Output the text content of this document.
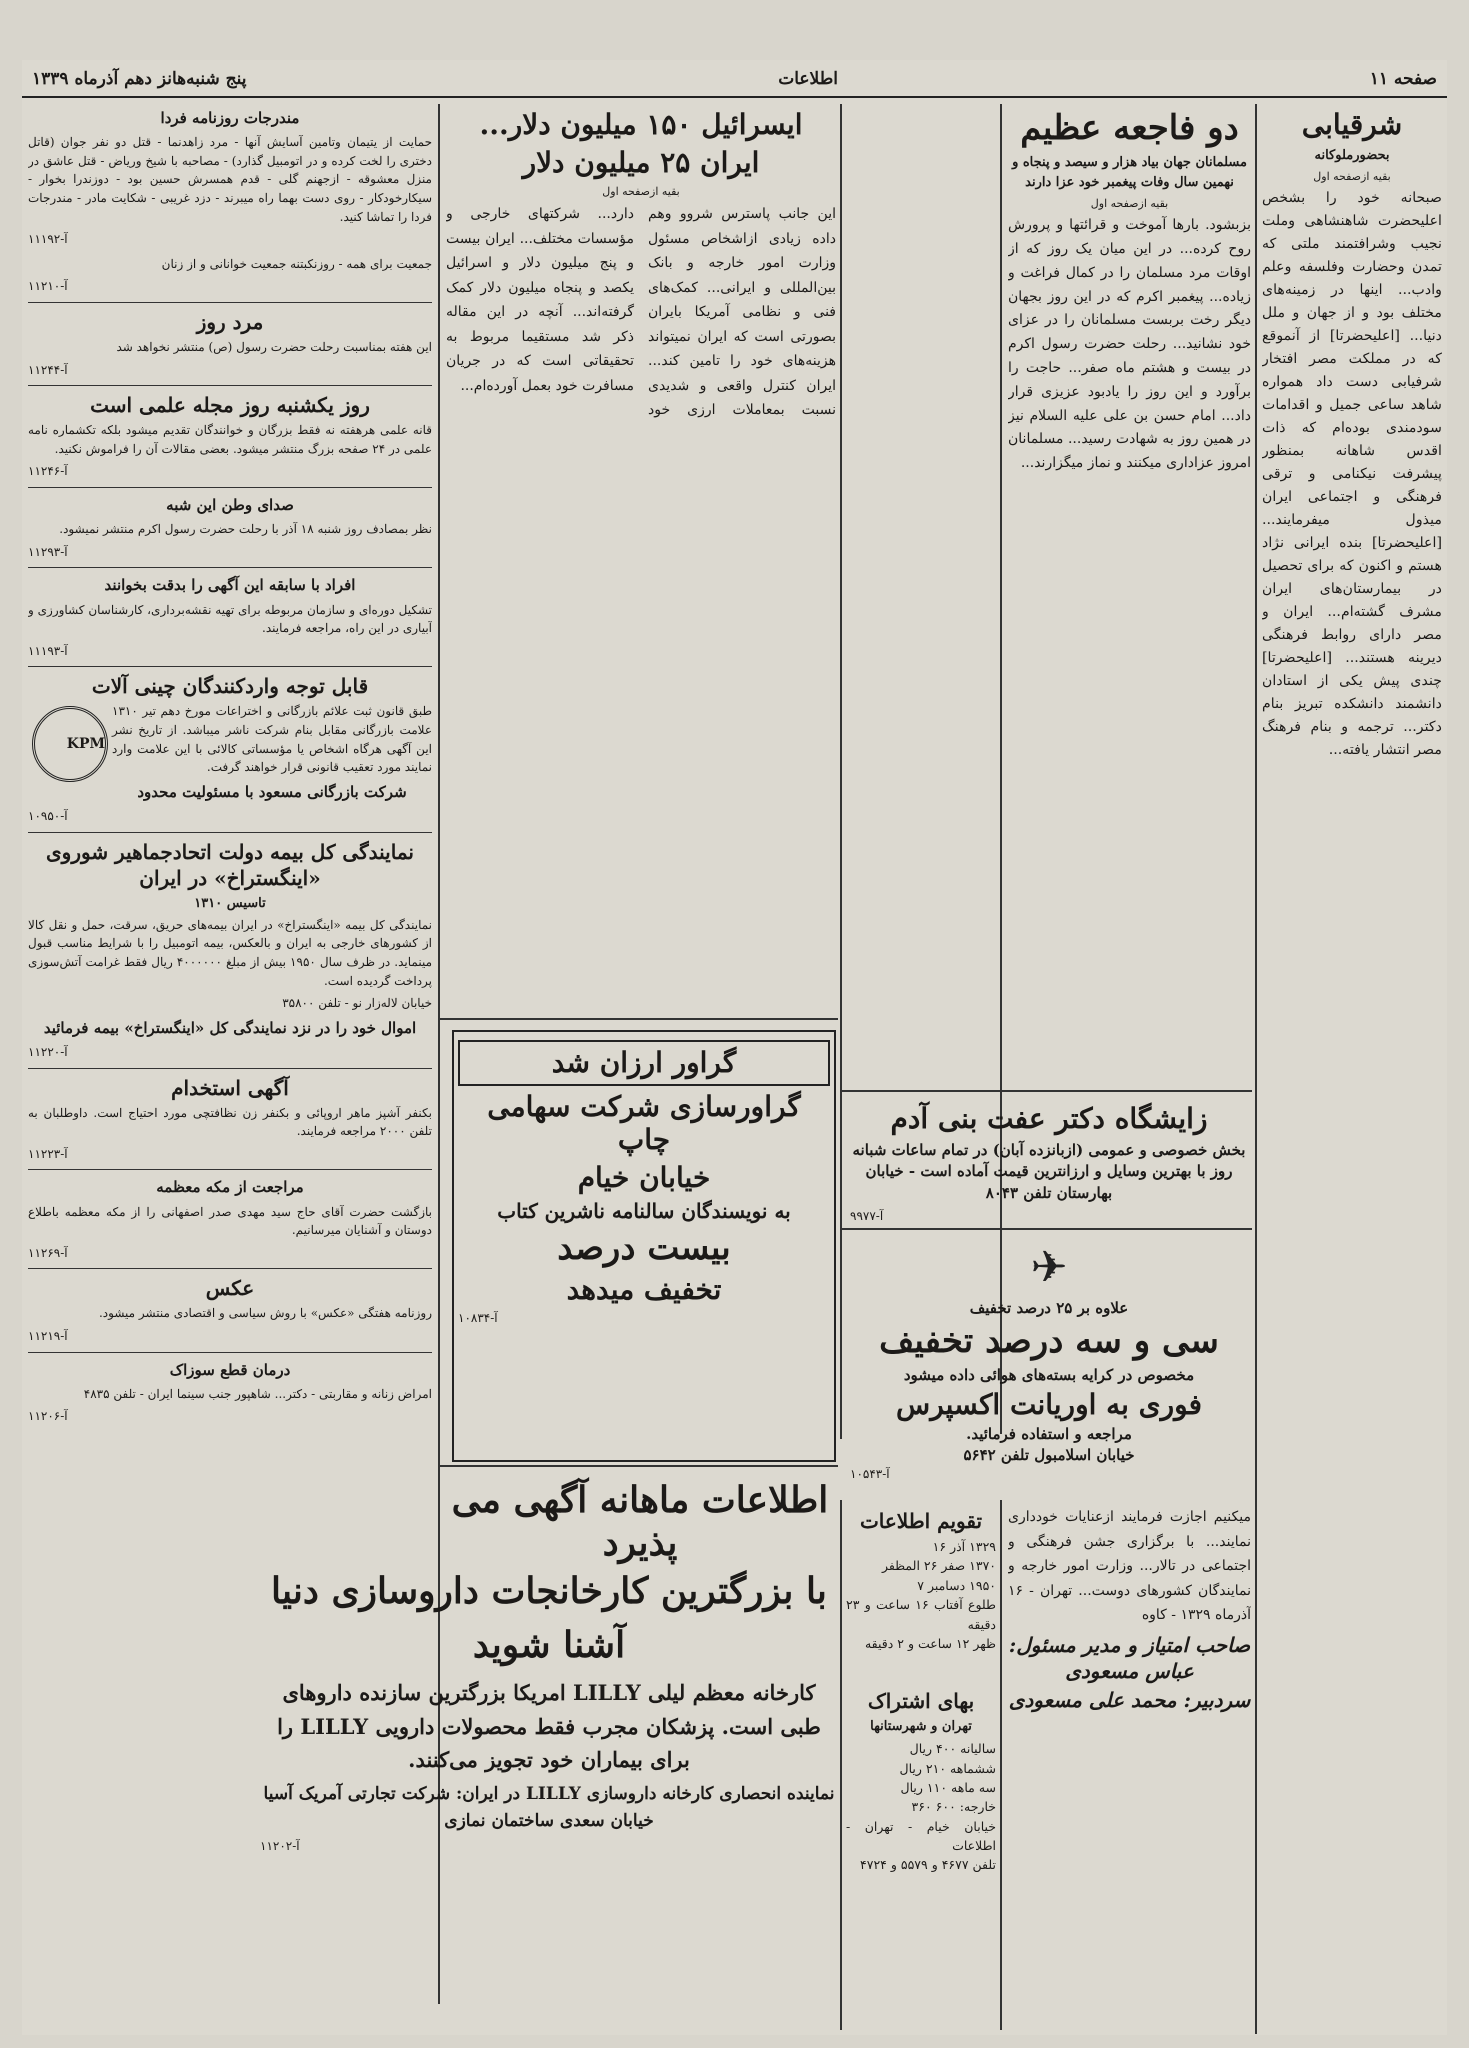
صفحه ۱۱
اطلاعات
پنج شنبه‌هانز دهم آذرماه ۱۳۳۹
شرقیابی
بحضورملوکانه
بقیه ازصفحه اول

صبحانه خود را بشخص اعلیحضرت شاهنشاهی وملت نجیب وشرافتمند ملتی که تمدن وحضارت وفلسفه وعلم وادب... اینها در زمینه‌های مختلف بود و از جهان و ملل دنیا... [اعلیحضرتا] از آنموقع که در مملکت مصر افتخار شرفیابی دست داد همواره شاهد ساعی جمیل و اقدامات سودمندی بوده‌ام که ذات اقدس شاهانه بمنظور پیشرفت نیکنامی و ترقی فرهنگی و اجتماعی ایران میذول میفرمایند... [اعلیحضرتا] بنده ایرانی نژاد هستم و اکنون که برای تحصیل در بیمارستان‌های ایران مشرف گشته‌ام... ایران و مصر دارای روابط فرهنگی دیرینه هستند... [اعلیحضرتا] چندی پیش یکی از استادان دانشمند دانشکده تبریز بنام دکتر... ترجمه و بنام فرهنگ مصر انتشار یافته...

دو فاجعه عظیم
مسلمانان جهان بیاد هزار و سیصد و پنجاه و نهمین سال وفات پیغمبر خود عزا دارند
بقیه ازصفحه اول

بزبشود. بارها آموخت و قرائتها و پرورش روح کرده... در این میان یک روز که از اوقات مرد مسلمان را در کمال فراغت و زیاده... پیغمبر اکرم که در این روز بجهان دیگر رخت بربست مسلمانان را در عزای خود نشانید... رحلت حضرت رسول اکرم در بیست و هشتم ماه صفر... حاجت را برآورد و این روز را یادبود عزیزی قرار داد... امام حسن بن علی علیه السلام نیز در همین روز به شهادت رسید... مسلمانان امروز عزاداری میکنند و نماز میگزارند...

ایسرائیل ۱۵۰ میلیون دلار...
ایران ۲۵ میلیون دلار
بقیه ازصفحه اول

این جانب پاسترس شروو وهم داده زیادی ازاشخاص مسئول وزارت امور خارجه و بانک بین‌المللی و ایرانی... کمک‌های فنی و نظامی آمریکا بایران بصورتی است که ایران نمیتواند هزینه‌های خود را تامین کند... ایران کنترل واقعی و شدیدی نسبت بمعاملات ارزی خود دارد... شرکتهای خارجی و مؤسسات مختلف... ایران بیست و پنج میلیون دلار و اسرائیل یکصد و پنجاه میلیون دلار کمک گرفته‌اند... آنچه در این مقاله ذکر شد مستقیما مربوط به تحقیقاتی است که در جریان مسافرت خود بعمل آورده‌ام...

مندرجات روزنامه فردا

حمایت از یتیمان وتامین آسایش آنها - مرد زاهدنما - قتل دو نفر جوان (قاتل دختری را لخت کرده و در اتومبیل گذارد) - مصاحبه با شیخ وریاض - قتل عاشق در منزل معشوقه - ازجهنم گلی - قدم همسرش حسین بود - دوزندرا بخوار - سیکارخودکار - روی دست بهما راه میبرند - دزد غریبی - شکایت مادر - مندرجات فردا را تماشا کنید.

۱۱۱۹۲-آ

جمعیت برای همه - روزنکبتنه جمعیت خوانانی و از زنان

۱۱۲۱۰-آ
مرد روز

این هفته بمناسبت رحلت حضرت رسول (ص) منتشر نخواهد شد

۱۱۲۴۴-آ
روز یکشنبه روز مجله علمی است

قانه علمی هرهفته نه فقط بزرگان و خوانندگان تقدیم میشود بلکه تکشماره نامه علمی در ۲۴ صفحه بزرگ منتشر میشود. بعضی مقالات آن را فراموش نکنید.

۱۱۲۴۶-آ
صدای وطن این شبه

نظر بمصادف روز شنبه ۱۸ آذر با رحلت حضرت رسول اکرم منتشر نمیشود.

۱۱۲۹۳-آ
افراد با سابقه این آگهی را بدقت بخوانند

تشکیل دوره‌ای و سازمان مربوطه برای تهیه نقشه‌برداری، کارشناسان کشاورزی و آبیاری در این راه، مراجعه فرمایند.

۱۱۱۹۳-آ
قابل توجه واردکنندگان چینی آلات
KPM

طبق قانون ثبت علائم بازرگانی و اختراعات مورخ دهم تیر ۱۳۱۰ علامت بازرگانی مقابل بنام شرکت ناشر میباشد. از تاریخ نشر این آگهی هرگاه اشخاص یا مؤسساتی کالائی با این علامت وارد نمایند مورد تعقیب قانونی قرار خواهند گرفت.

شرکت بازرگانی مسعود با مسئولیت محدود
۱۰۹۵۰-آ
نمایندگی کل بیمه دولت اتحادجماهیر شوروی «اینگستراخ» در ایران
تاسیس ۱۳۱۰

نمایندگی کل بیمه «اینگستراخ» در ایران بیمه‌های حریق، سرقت، حمل و نقل کالا از کشورهای خارجی به ایران و بالعکس، بیمه اتومبیل را با شرایط مناسب قبول مینماید. در ظرف سال ۱۹۵۰ بیش از مبلغ ۴۰۰۰۰۰۰ ریال فقط غرامت آتش‌سوزی پرداخت گردیده است.

خیابان لاله‌زار نو - تلفن ۳۵۸۰۰

اموال خود را در نزد نمایندگی کل «اینگستراخ» بیمه فرمائید
۱۱۲۲۰-آ
آگهی استخدام

بکنفر آشپز ماهر اروپائی و بکنفر زن نظافتچی مورد احتیاج است. داوطلبان به تلفن ۲۰۰۰ مراجعه فرمایند.

۱۱۲۲۳-آ
مراجعت از مکه معظمه

بازگشت حضرت آقای حاج سید مهدی صدر اصفهانی را از مکه معظمه باطلاع دوستان و آشنایان میرسانیم.

۱۱۲۶۹-آ
عکس

روزنامه هفتگی «عکس» با روش سیاسی و اقتصادی منتشر میشود.

۱۱۲۱۹-آ
درمان قطع سوزاک

امراض زنانه و مقاربتی - دکتر... شاهپور جنب سینما ایران - تلفن ۴۸۳۵

۱۱۲۰۶-آ
زایشگاه دکتر عفت بنی آدم

بخش خصوصی و عمومی (ازبانزده آبان) در تمام ساعات شبانه روز با بهترین وسایل و ارزانترین قیمت آماده است - خیابان بهارستان تلفن ۸۰۴۳

۹۹۷۷-آ
✈
علاوه بر ۲۵ درصد تخفیف
سی و سه درصد تخفیف
مخصوص در کرایه بسته‌های هوائی داده میشود
فوری به اوریانت اکسپرس
مراجعه و استفاده فرمائید.
خیابان اسلامبول تلفن ۵۶۴۲
۱۰۵۴۳-آ
گراور ارزان شد
گراورسازی شرکت سهامی چاپ
خیابان خیام
به نویسندگان سالنامه ناشرین کتاب
بیست درصد
تخفیف میدهد
۱۰۸۳۴-آ
اطلاعات ماهانه آگهی می پذیرد
با بزرگترین کارخانجات داروسازی دنیا آشنا شوید

کارخانه معظم لیلی LILLY امریکا بزرگترین سازنده داروهای طبی است. پزشکان مجرب فقط محصولات دارویی LILLY را برای بیماران خود تجویز می‌کنند.

نماینده انحصاری کارخانه داروسازی LILLY در ایران: شرکت تجارتی آمریک آسیا خیابان سعدی ساختمان نمازی

۱۱۲۰۲-آ
تقویم اطلاعات
۱۳۲۹ آذر ۱۶
۱۳۷۰ صفر ۲۶ المظفر
۱۹۵۰ دسامبر ۷
طلوع آفتاب ۱۶ ساعت و ۲۳ دقیقه
ظهر ۱۲ ساعت و ۲ دقیقه
بهای اشتراک
تهران و شهرستانها
سالیانه ۴۰۰ ریال
ششماهه ۲۱۰ ریال
سه ماهه ۱۱۰ ریال
خارجه: ۶۰۰ ۳۶۰
خیابان خیام - تهران - اطلاعات
تلفن ۴۶۷۷ و ۵۵۷۹ و ۴۷۲۴

میکنیم اجازت فرمایند ازعنایات خودداری نمایند... با برگزاری جشن فرهنگی و اجتماعی در تالار... وزارت امور خارجه و نمایندگان کشورهای دوست... تهران - ۱۶ آذرماه ۱۳۲۹ - کاوه

صاحب امتیاز و مدیر مسئول: عباس مسعودی
سردبیر: محمد علی مسعودی
